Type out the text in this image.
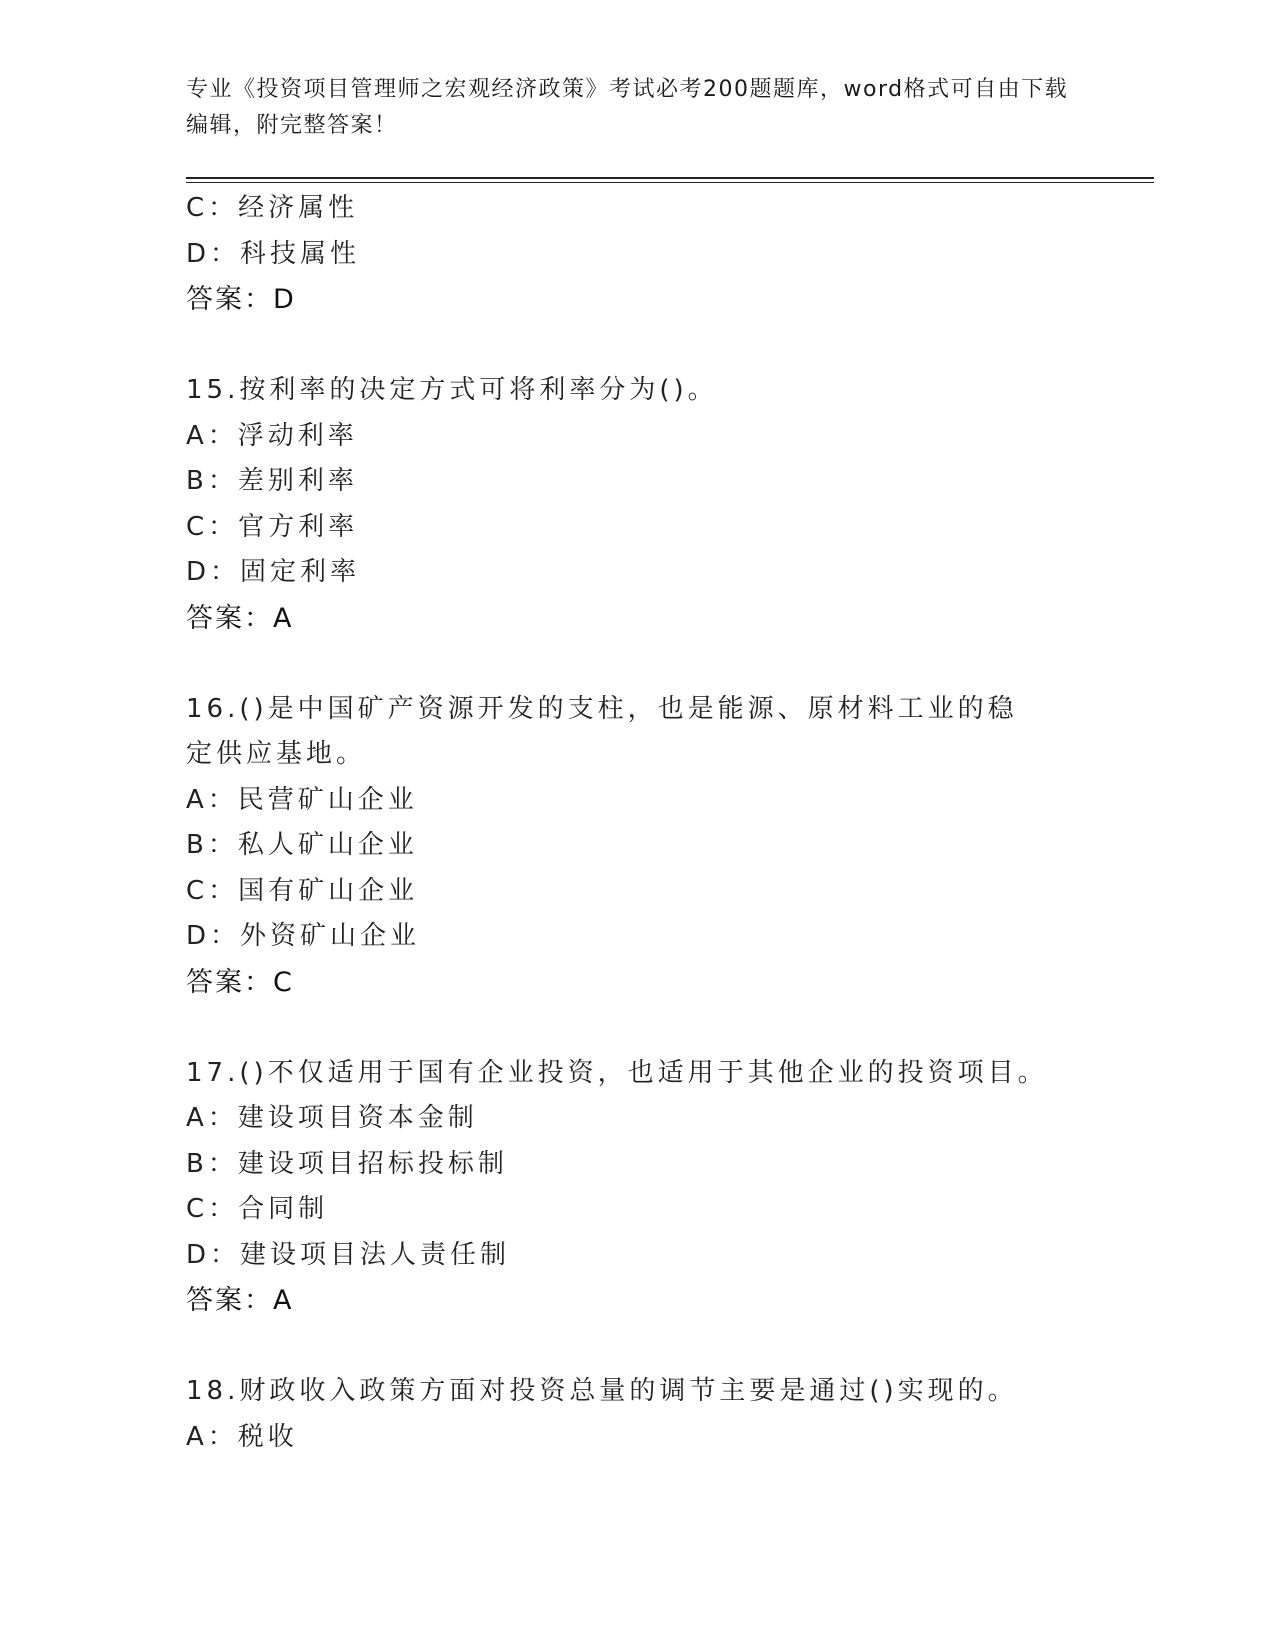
专业《投资项目管理师之宏观经济政策》考试必考200题题库，word格式可自由下载编辑，附完整答案！
C：经济属性
D：科技属性
答案：D
15.按利率的决定方式可将利率分为()。
A：浮动利率
B：差别利率
C：官方利率
D：固定利率
答案：A
16.()是中国矿产资源开发的支柱，也是能源、原材料工业的稳定供应基地。
A：民营矿山企业
B：私人矿山企业
C：国有矿山企业
D：外资矿山企业
答案：C
17.()不仅适用于国有企业投资，也适用于其他企业的投资项目。
A：建设项目资本金制
B：建设项目招标投标制
C：合同制
D：建设项目法人责任制
答案：A
18.财政收入政策方面对投资总量的调节主要是通过()实现的。
A：税收
